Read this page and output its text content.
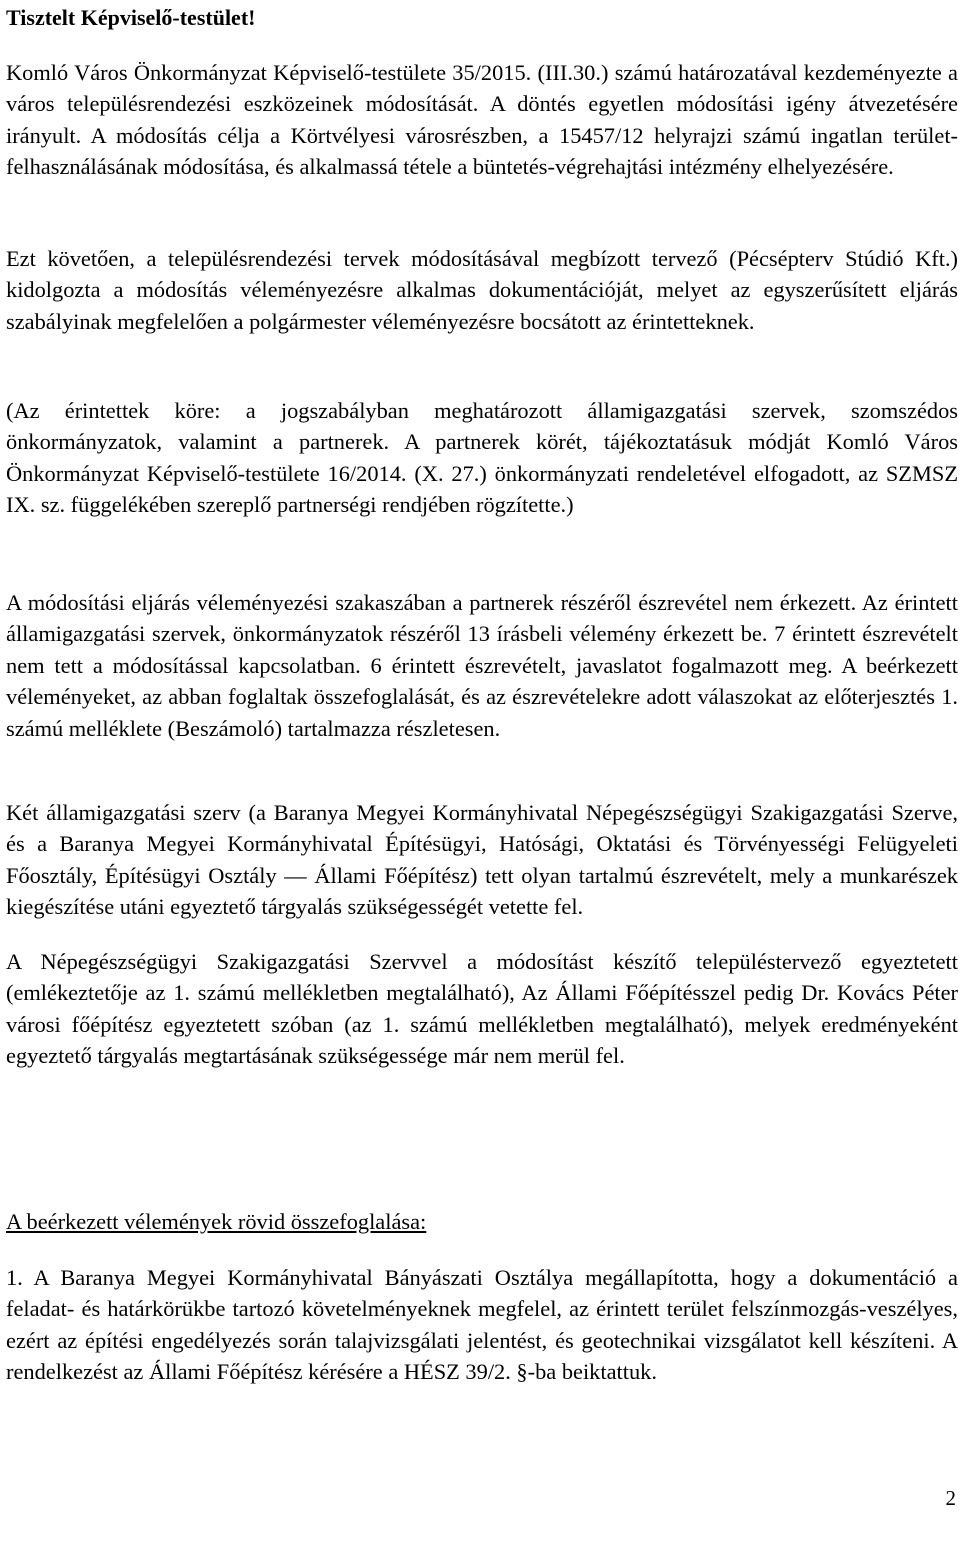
Tisztelt Képviselő-testület!

Komló Város Önkormányzat Képviselő-testülete 35/2015. (III.30.) számú határozatával kezdeményezte a város településrendezési eszközeinek módosítását. A döntés egyetlen módosítási igény átvezetésére irányult. A módosítás célja a Körtvélyesi városrészben, a 15457/12 helyrajzi számú ingatlan terület-felhasználásának módosítása, és alkalmassá tétele a büntetés-végrehajtási intézmény elhelyezésére.

Ezt követően, a településrendezési tervek módosításával megbízott tervező (Pécsépterv Stúdió Kft.) kidolgozta a módosítás véleményezésre alkalmas dokumentációját, melyet az egyszerűsített eljárás szabályinak megfelelően a polgármester véleményezésre bocsátott az érintetteknek.

(Az érintettek köre: a jogszabályban meghatározott államigazgatási szervek, szomszédos önkormányzatok, valamint a partnerek. A partnerek körét, tájékoztatásuk módját Komló Város Önkormányzat Képviselő-testülete 16/2014. (X. 27.) önkormányzati rendeletével elfogadott, az SZMSZ IX. sz. függelékében szereplő partnerségi rendjében rögzítette.)

A módosítási eljárás véleményezési szakaszában a partnerek részéről észrevétel nem érkezett. Az érintett államigazgatási szervek, önkormányzatok részéről 13 írásbeli vélemény érkezett be. 7 érintett észrevételt nem tett a módosítással kapcsolatban. 6 érintett észrevételt, javaslatot fogalmazott meg. A beérkezett véleményeket, az abban foglaltak összefoglalását, és az észrevételekre adott válaszokat az előterjesztés 1. számú melléklete (Beszámoló) tartalmazza részletesen.

Két államigazgatási szerv (a Baranya Megyei Kormányhivatal Népegészségügyi Szakigazgatási Szerve, és a Baranya Megyei Kormányhivatal Építésügyi, Hatósági, Oktatási és Törvényességi Felügyeleti Főosztály, Építésügyi Osztály — Állami Főépítész) tett olyan tartalmú észrevételt, mely a munkarészek kiegészítése utáni egyeztető tárgyalás szükségességét vetette fel.

A Népegészségügyi Szakigazgatási Szervvel a módosítást készítő településtervező egyeztetett (emlékeztetője az 1. számú mellékletben megtalálható), Az Állami Főépítésszel pedig Dr. Kovács Péter városi főépítész egyeztetett szóban (az 1. számú mellékletben megtalálható), melyek eredményeként egyeztető tárgyalás megtartásának szükségessége már nem merül fel.

A beérkezett vélemények rövid összefoglalása:

1. A Baranya Megyei Kormányhivatal Bányászati Osztálya megállapította, hogy a dokumentáció a feladat- és határkörükbe tartozó követelményeknek megfelel, az érintett terület felszínmozgás-veszélyes, ezért az építési engedélyezés során talajvizsgálati jelentést, és geotechnikai vizsgálatot kell készíteni. A rendelkezést az Állami Főépítész kérésére a HÉSZ 39/2. §-ba beiktattuk.

2
